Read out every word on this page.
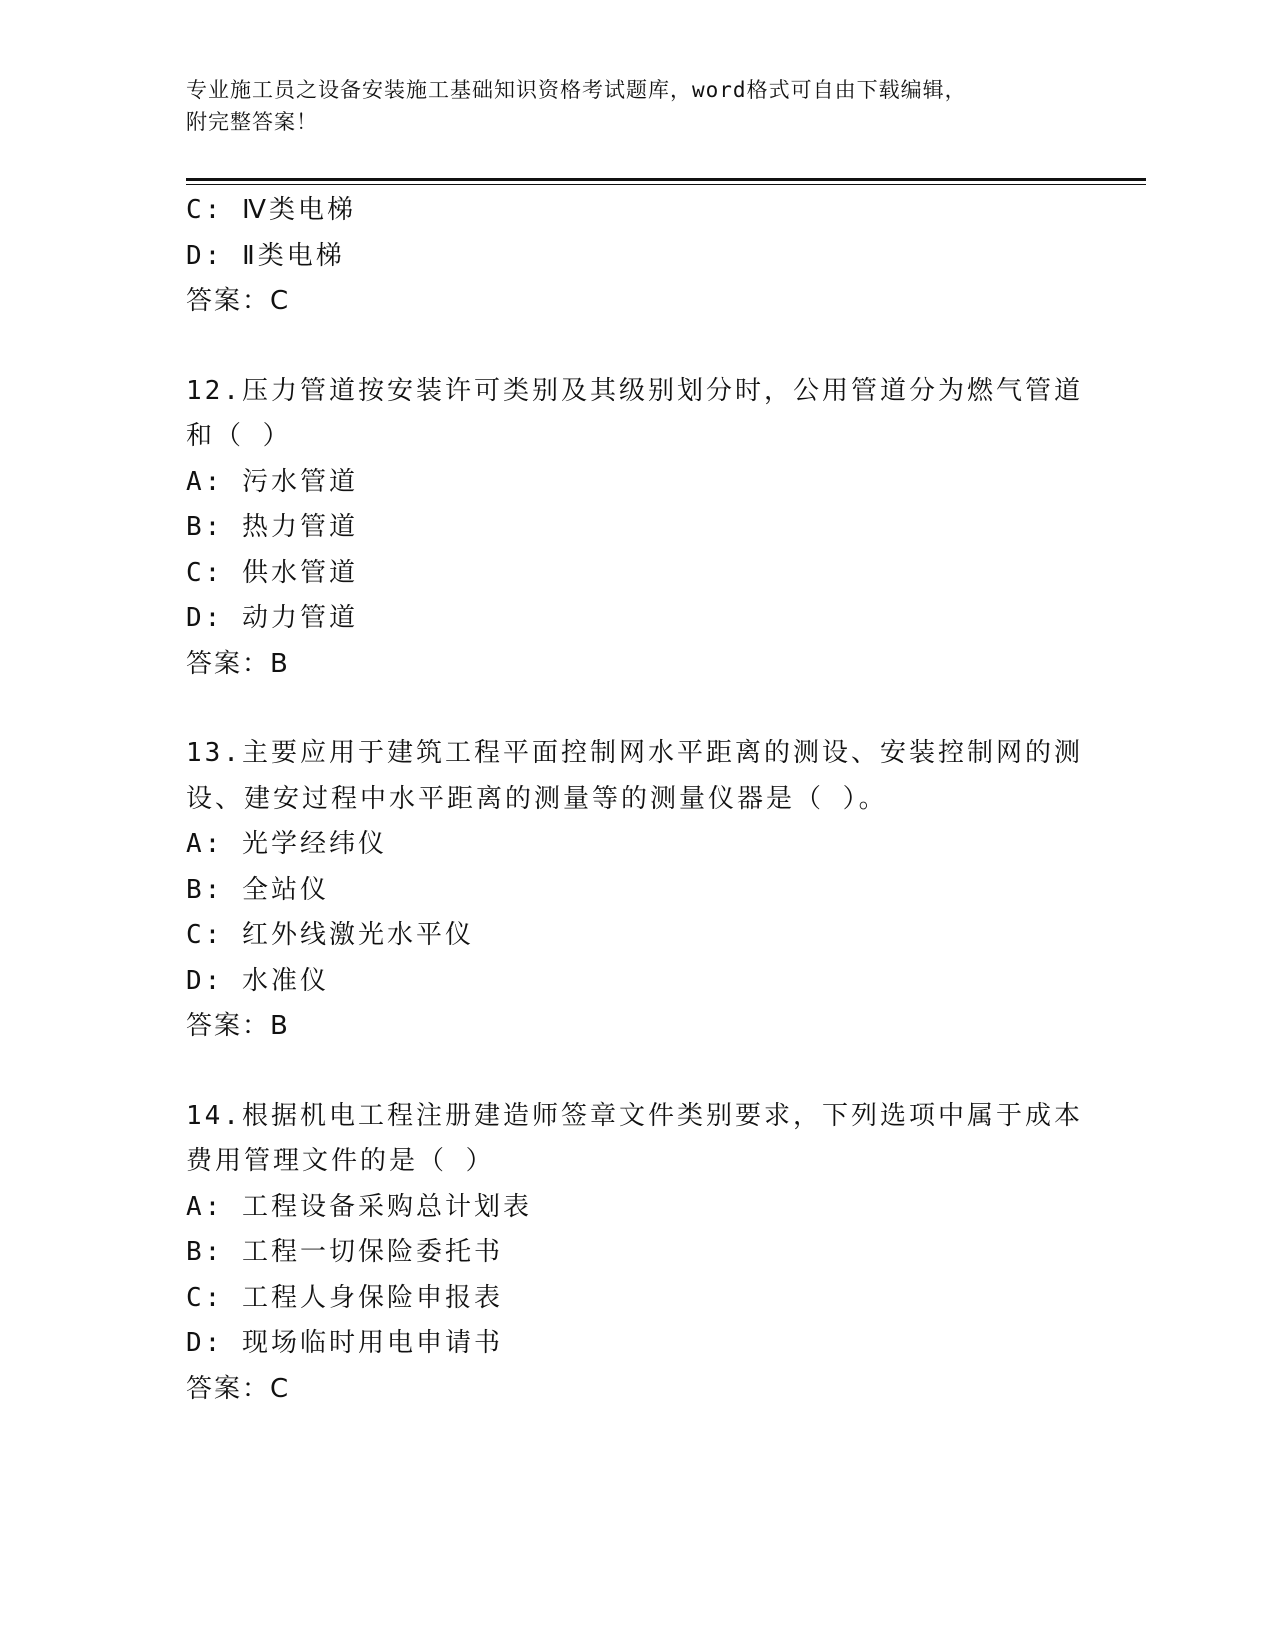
专业施工员之设备安装施工基础知识资格考试题库，word格式可自由下载编辑，
附完整答案！
C: Ⅳ类电梯
D: Ⅱ类电梯
答案：C
12.压力管道按安装许可类别及其级别划分时，公用管道分为燃气管道
和（ ）
A: 污水管道
B: 热力管道
C: 供水管道
D: 动力管道
答案：B
13.主要应用于建筑工程平面控制网水平距离的测设、安装控制网的测
设、建安过程中水平距离的测量等的测量仪器是（ ）。
A: 光学经纬仪
B: 全站仪
C: 红外线激光水平仪
D: 水准仪
答案：B
14.根据机电工程注册建造师签章文件类别要求，下列选项中属于成本
费用管理文件的是（ ）
A: 工程设备采购总计划表
B: 工程一切保险委托书
C: 工程人身保险申报表
D: 现场临时用电申请书
答案：C
